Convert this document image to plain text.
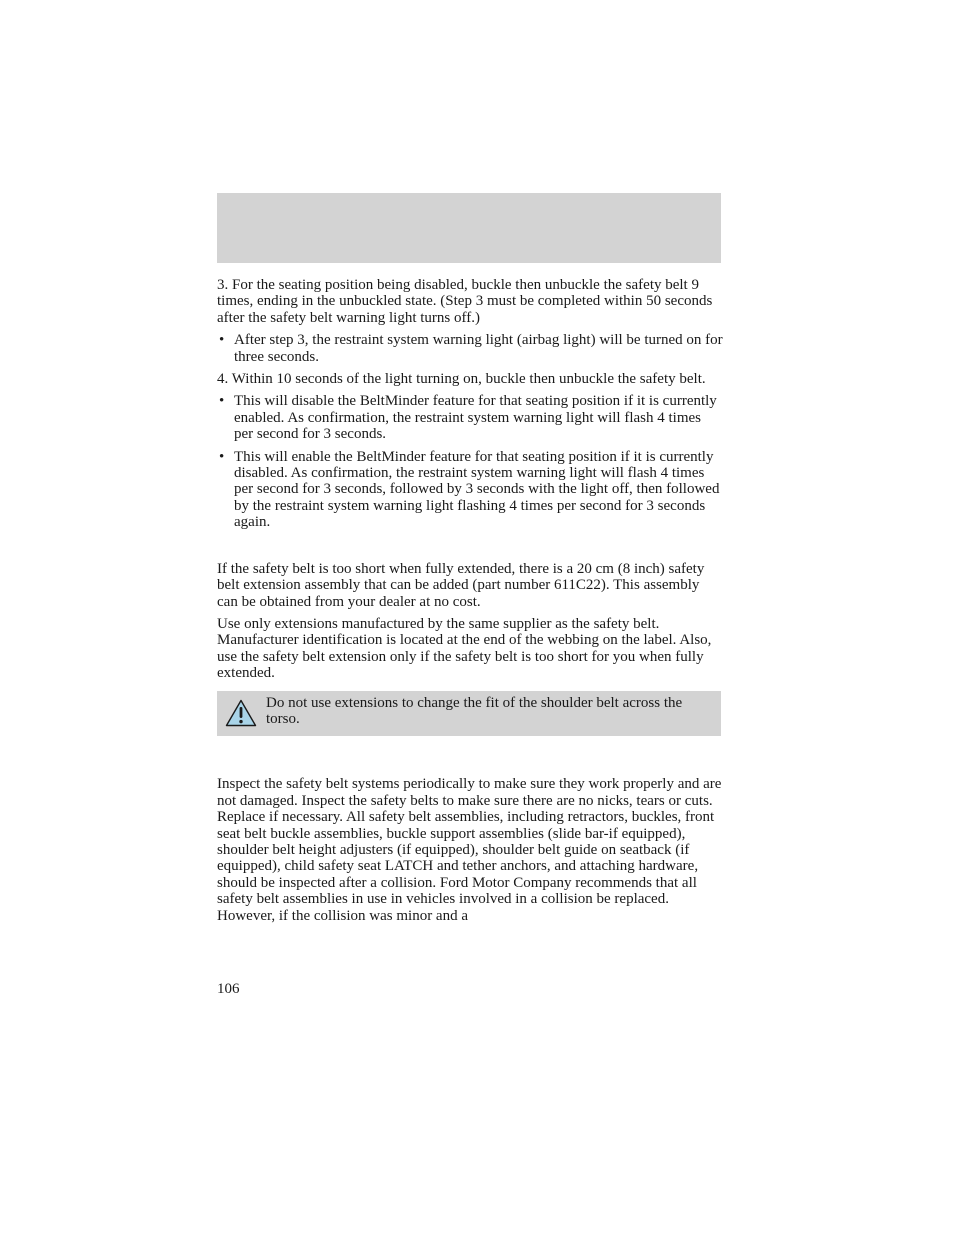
3. For the seating position being disabled, buckle then unbuckle the safety belt 9 times, ending in the unbuckled state. (Step 3 must be completed within 50 seconds after the safety belt warning light turns off.)

• After step 3, the restraint system warning light (airbag light) will be turned on for three seconds.

4. Within 10 seconds of the light turning on, buckle then unbuckle the safety belt.

• This will disable the BeltMinder feature for that seating position if it is currently enabled. As confirmation, the restraint system warning light will flash 4 times per second for 3 seconds.
• This will enable the BeltMinder feature for that seating position if it is currently disabled. As confirmation, the restraint system warning light will flash 4 times per second for 3 seconds, followed by 3 seconds with the light off, then followed by the restraint system warning light flashing 4 times per second for 3 seconds again.

If the safety belt is too short when fully extended, there is a 20 cm (8 inch) safety belt extension assembly that can be added (part number 611C22). This assembly can be obtained from your dealer at no cost.

Use only extensions manufactured by the same supplier as the safety belt. Manufacturer identification is located at the end of the webbing on the label. Also, use the safety belt extension only if the safety belt is too short for you when fully extended.

Do not use extensions to change the fit of the shoulder belt across the torso.

Inspect the safety belt systems periodically to make sure they work properly and are not damaged. Inspect the safety belts to make sure there are no nicks, tears or cuts. Replace if necessary. All safety belt assemblies, including retractors, buckles, front seat belt buckle assemblies, buckle support assemblies (slide bar-if equipped), shoulder belt height adjusters (if equipped), shoulder belt guide on seatback (if equipped), child safety seat LATCH and tether anchors, and attaching hardware, should be inspected after a collision. Ford Motor Company recommends that all safety belt assemblies in use in vehicles involved in a collision be replaced. However, if the collision was minor and a

106
